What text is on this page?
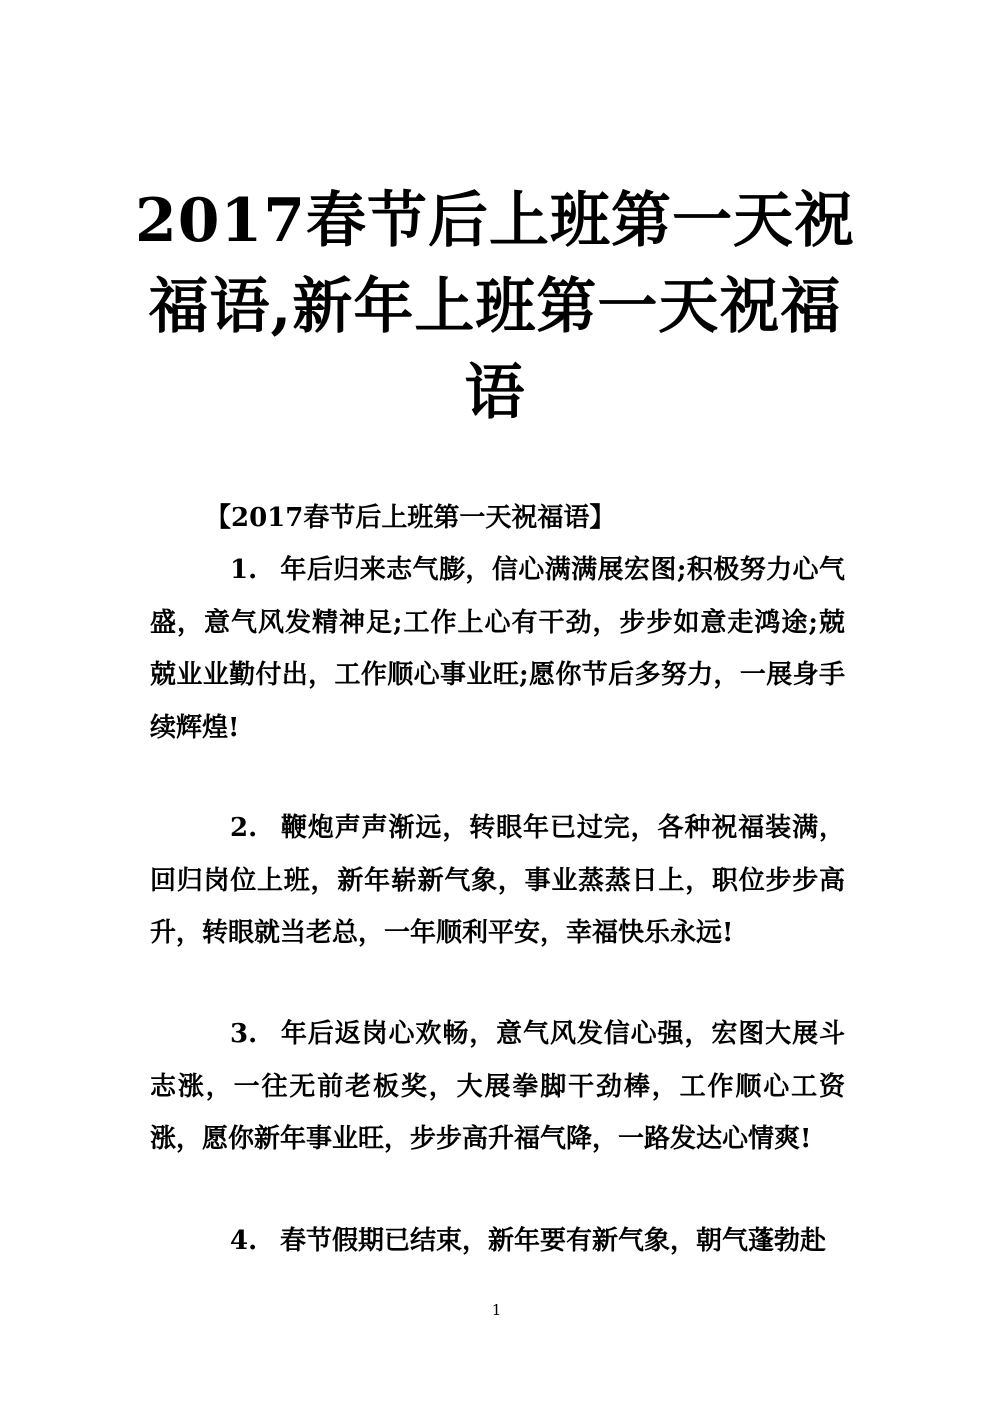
2017春节后上班第一天祝福语,新年上班第一天祝福语
【2017春节后上班第一天祝福语】

1. 年后归来志气膨，信心满满展宏图;积极努力心气盛，意气风发精神足;工作上心有干劲，步步如意走鸿途;兢兢业业勤付出，工作顺心事业旺;愿你节后多努力，一展身手续辉煌!

2. 鞭炮声声渐远，转眼年已过完，各种祝福装满，回归岗位上班，新年崭新气象，事业蒸蒸日上，职位步步高升，转眼就当老总，一年顺利平安，幸福快乐永远!

3. 年后返岗心欢畅，意气风发信心强，宏图大展斗志涨，一往无前老板奖，大展拳脚干劲棒，工作顺心工资涨，愿你新年事业旺，步步高升福气降，一路发达心情爽!

4. 春节假期已结束，新年要有新气象，朝气蓬勃赴

1
